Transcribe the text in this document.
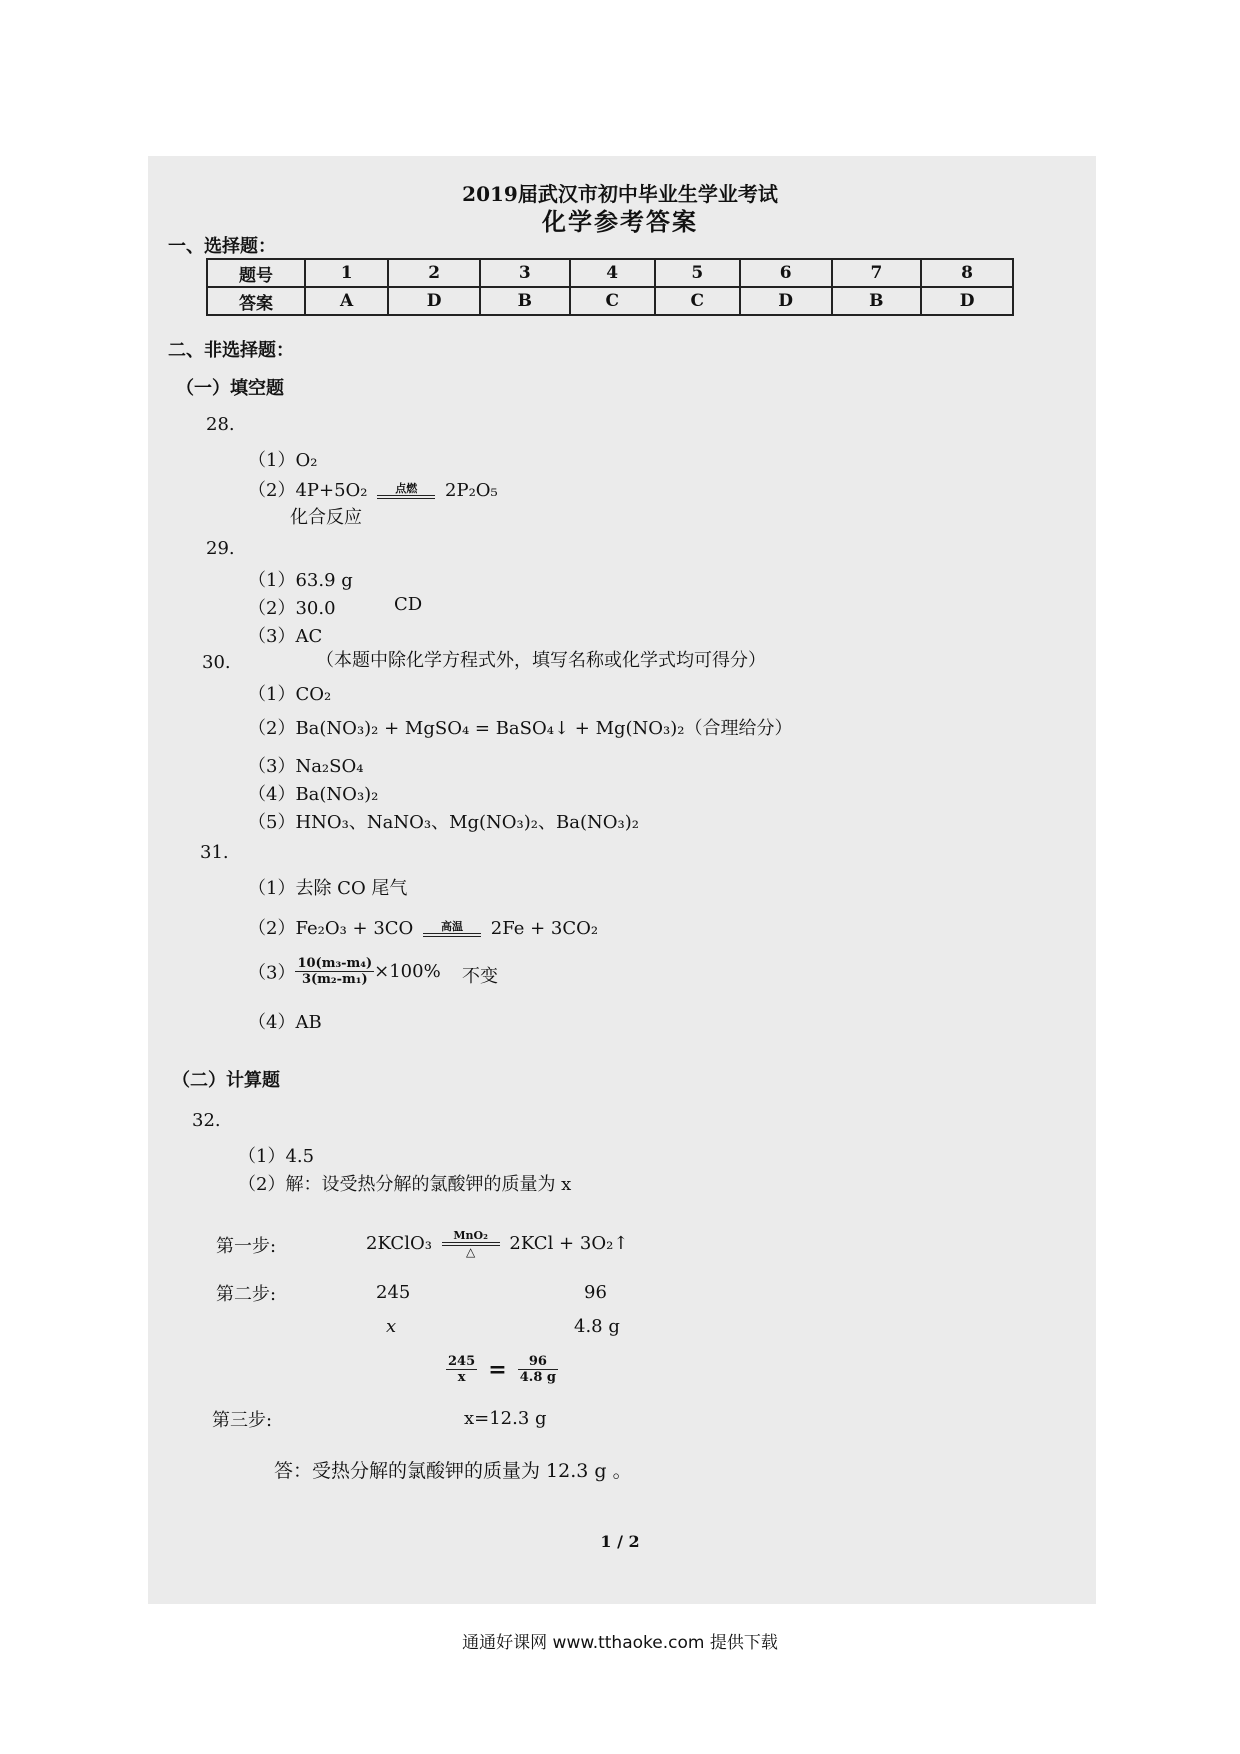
2019届武汉市初中毕业生学业考试
化学参考答案
一、选择题：
题号	1	2	3	4	5	6	7	8
答案	A	D	B	C	C	D	B	D
二、非选择题：
（一）填空题
28.
（1）O₂
（2）4P+5O₂	点燃	2P₂O₅
化合反应
29.
（1）63.9 g
（2）30.0	CD
（3）AC
30.	（本题中除化学方程式外，填写名称或化学式均可得分）
（1）CO₂
（2）Ba(NO₃)₂ + MgSO₄ = BaSO₄↓ + Mg(NO₃)₂（合理给分）
（3）Na₂SO₄
（4）Ba(NO₃)₂
（5）HNO₃、NaNO₃、Mg(NO₃)₂、Ba(NO₃)₂
31.
（1）去除 CO 尾气
（2）Fe₂O₃ + 3CO	高温	2Fe + 3CO₂
$(3) \frac{\text{10(m₃-m₄)}}{\text{3(m₂-m₁)}} \times 100\%$ 不变
（4）AB
（二）计算题
32.
（1）4.5
（2）解：设受热分解的氯酸钾的质量为 x
第一步:	2KClO₃	MnO₂
△	2KCl + 3O₂↑
第二步:	245	96
x	4.8 g
$\frac{245}{x} = \frac{96}{4.8 g}$
第三步:	x=12.3 g
答：受热分解的氯酸钾的质量为 12.3 g 。
1 / 2
通通好课网 www.tthaoke.com 提供下载
